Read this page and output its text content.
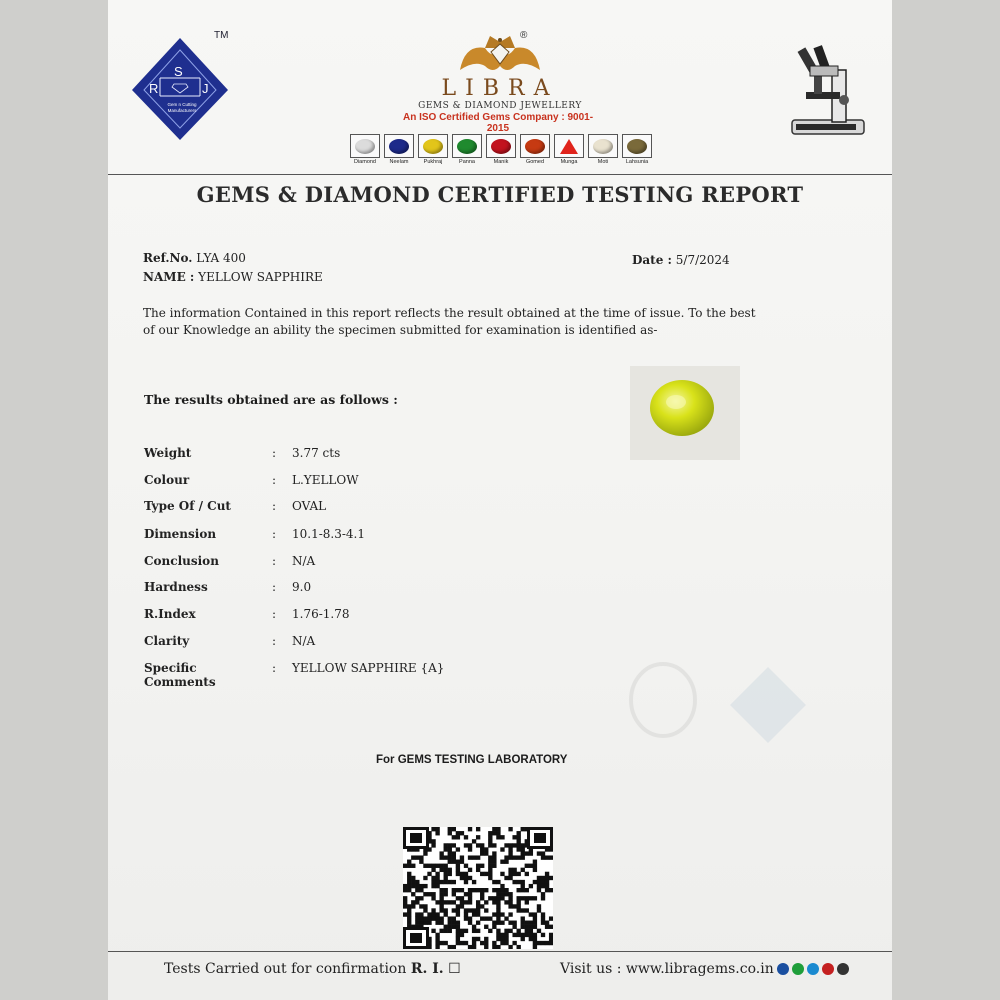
TM
S
R	J
Gem n Cutting
Manufacturers
®
LIBRA
GEMS & DIAMOND JEWELLERY
An ISO Certified Gems Company : 9001-2015
Diamond	Neelam	Pukhraj	Panna	Manik	Gomed	Munga	Moti	Lahsunia
GEMS & DIAMOND CERTIFIED TESTING REPORT
Ref.No. LYA 400
NAME : YELLOW SAPPHIRE
Date : 5/7/2024
The information Contained in this report reflects the result obtained at the time of issue. To the best of our Knowledge an ability the specimen submitted for examination is identified as-
The results obtained are as follows :
Weight	:	3.77 cts
Colour	:	L.YELLOW
Type Of / Cut	:	OVAL
Dimension	:	10.1-8.3-4.1
Conclusion	:	N/A
Hardness	:	9.0
R.Index	:	1.76-1.78
Clarity	:	N/A
Specific Comments
:	YELLOW SAPPHIRE {A}
For GEMS TESTING LABORATORY
Tests Carried out for confirmation R. I. ☐	Visit us : www.libragems.co.in
